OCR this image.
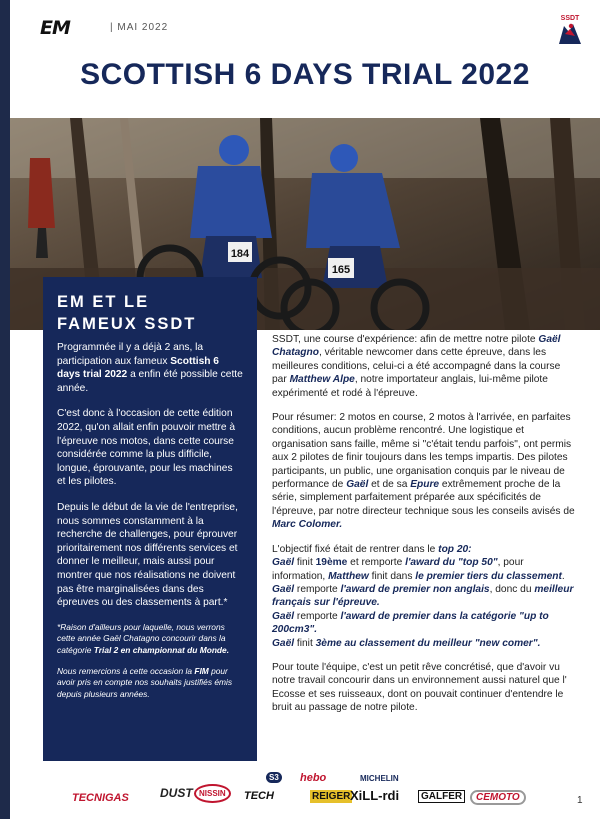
EM	| MAI 2022
SSDT
SCOTTISH 6 DAYS TRIAL 2022
184
165
EM ET LE
FAMEUX SSDT

Programmée il y a déjà 2 ans, la participation aux fameux Scottish 6 days trial 2022 a enfin été possible cette année.

C'est donc à l'occasion de cette édition 2022, qu'on allait enfin pouvoir mettre à l'épreuve nos motos, dans cette course considérée comme la plus difficile, longue, éprouvante, pour les machines et les pilotes.

Depuis le début de la vie de l'entreprise, nous sommes constamment à la recherche de challenges, pour éprouver prioritairement nos différents services et donner le meilleur, mais aussi pour montrer que nos réalisations ne doivent pas être marginalisées dans des épreuves ou des classements à part.*

*Raison d'ailleurs pour laquelle, nous verrons cette année Gaël Chatagno concourir dans la catégorie Trial 2 en championnat du Monde.

Nous remercions à cette occasion la FIM pour avoir pris en compte nos souhaits justifiés émis depuis plusieurs années.

SSDT, une course d'expérience: afin de mettre notre pilote Gaël Chatagno, véritable newcomer dans cette épreuve, dans les meilleures conditions, celui-ci a été accompagné dans la course par Matthew Alpe, notre importateur anglais, lui-même pilote expérimenté et rodé à l'épreuve.

Pour résumer: 2 motos en course, 2 motos à l'arrivée, en parfaites conditions, aucun problème rencontré. Une logistique et organisation sans faille, même si "c'était tendu parfois", ont permis aux 2 pilotes de finir toujours dans les temps impartis. Des pilotes participants, un public, une organisation conquis par le niveau de performance de Gaël et de sa Epure extrêmement proche de la série, simplement parfaitement préparée aux spécificités de l'épreuve, par notre directeur technique sous les conseils avisés de Marc Colomer.

L'objectif fixé était de rentrer dans le top 20:
Gaël finit 19ème et remporte l'award du "top 50", pour information, Matthew finit dans le premier tiers du classement.
Gaël remporte l'award de premier non anglais, donc du meilleur français sur l'épreuve.
Gaël remporte l'award de premier dans la catégorie "up to 200cm3".
Gaël finit 3ème au classement du meilleur "new comer".

Pour toute l'équipe, c'est un petit rêve concrétisé, que d'avoir vu notre travail concourir dans un environnement aussi naturel que l' Ecosse et ses ruisseaux, dont on pouvait continuer d'entendre le bruit au passage de notre pilote.

TECNIGAS	DUST NISSIN
S3
TECH
hebo
REIGER
MICHELIN
XiLL-rdi	GALFER	CEMOTO	1
